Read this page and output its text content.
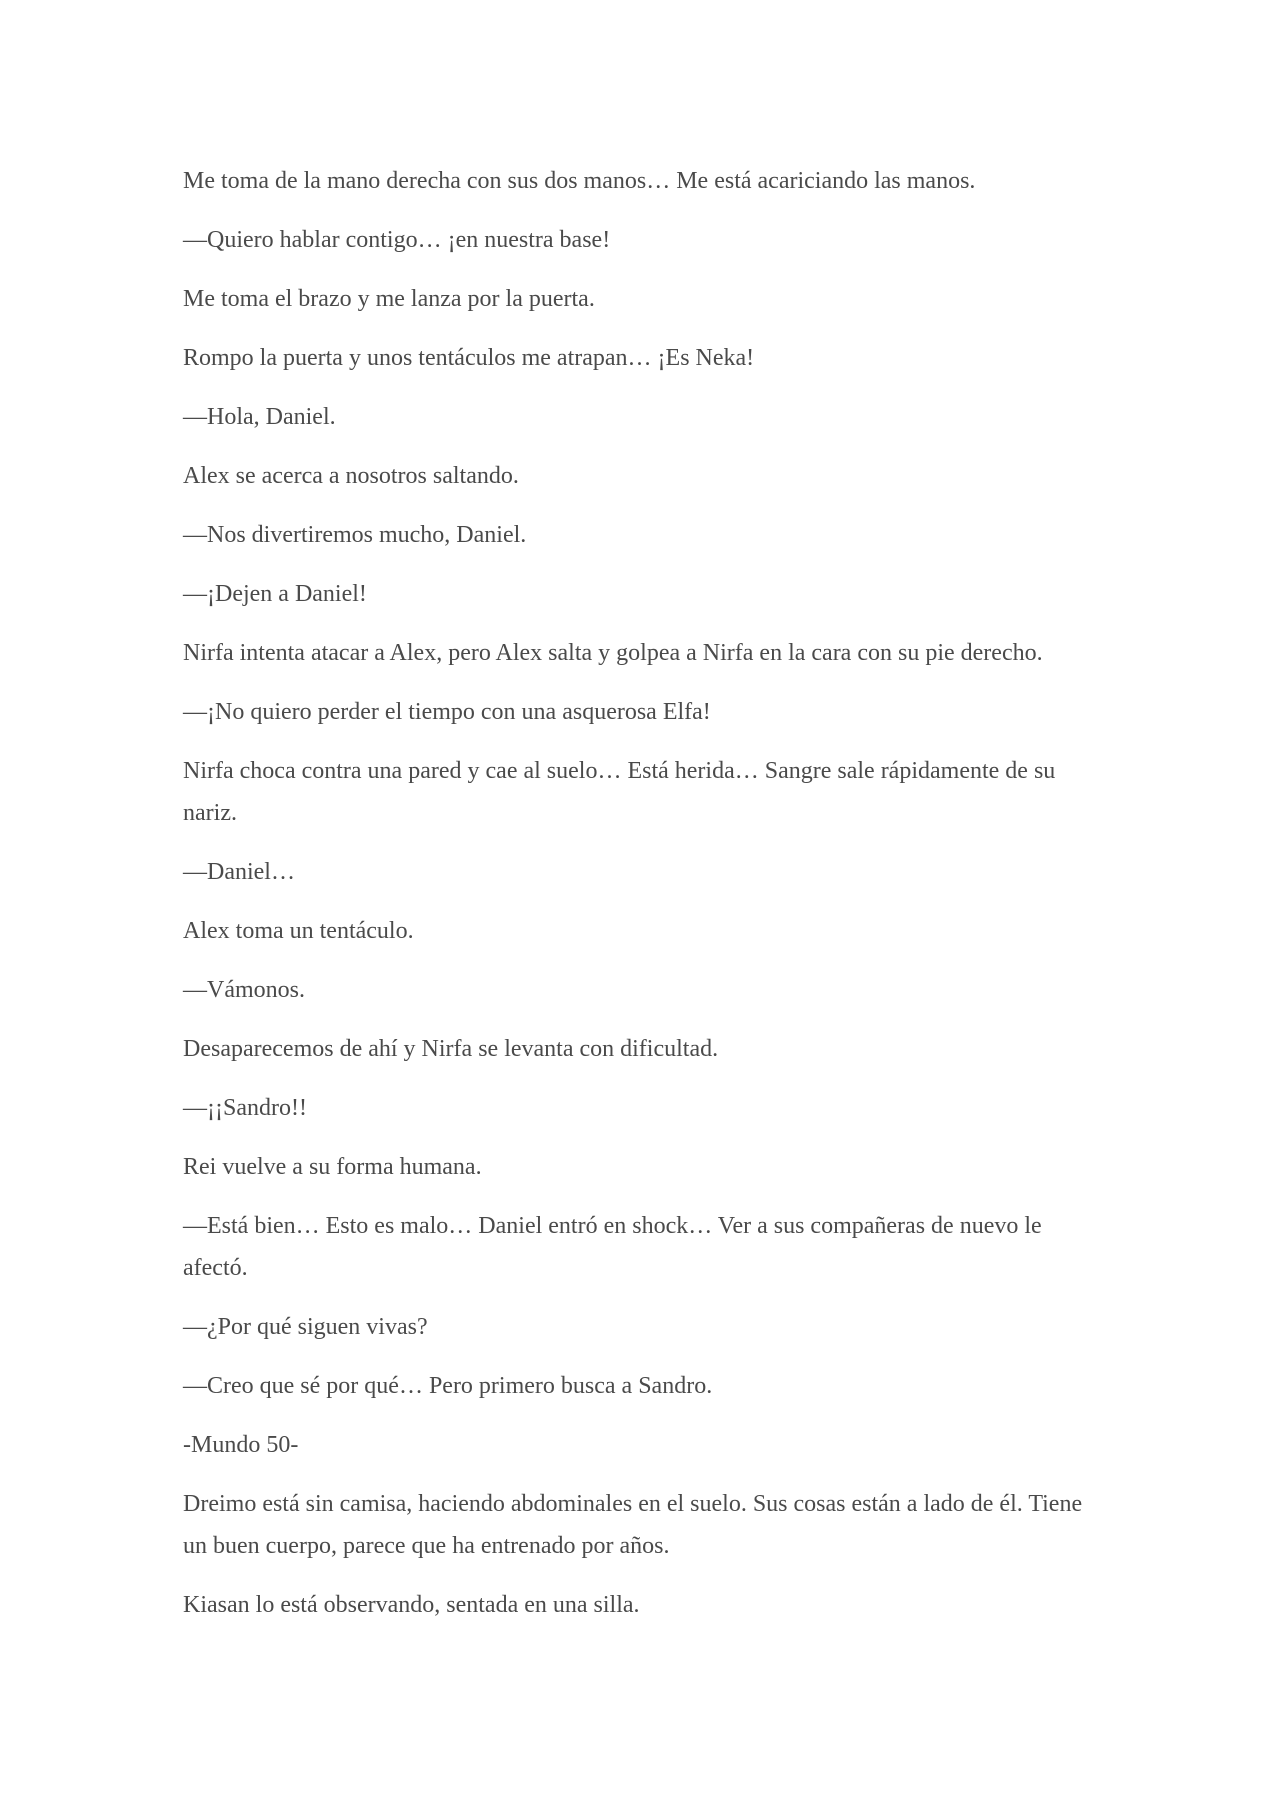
Me toma de la mano derecha con sus dos manos… Me está acariciando las manos.

—Quiero hablar contigo… ¡en nuestra base!

Me toma el brazo y me lanza por la puerta.

Rompo la puerta y unos tentáculos me atrapan… ¡Es Neka!

—Hola, Daniel.

Alex se acerca a nosotros saltando.

—Nos divertiremos mucho, Daniel.

—¡Dejen a Daniel!

Nirfa intenta atacar a Alex, pero Alex salta y golpea a Nirfa en la cara con su pie derecho.

—¡No quiero perder el tiempo con una asquerosa Elfa!

Nirfa choca contra una pared y cae al suelo… Está herida… Sangre sale rápidamente de su nariz.

—Daniel…

Alex toma un tentáculo.

—Vámonos.

Desaparecemos de ahí y Nirfa se levanta con dificultad.

—¡¡Sandro!!

Rei vuelve a su forma humana.

—Está bien… Esto es malo… Daniel entró en shock… Ver a sus compañeras de nuevo le afectó.

—¿Por qué siguen vivas?

—Creo que sé por qué… Pero primero busca a Sandro.

-Mundo 50-

Dreimo está sin camisa, haciendo abdominales en el suelo. Sus cosas están a lado de él. Tiene un buen cuerpo, parece que ha entrenado por años.

Kiasan lo está observando, sentada en una silla.
